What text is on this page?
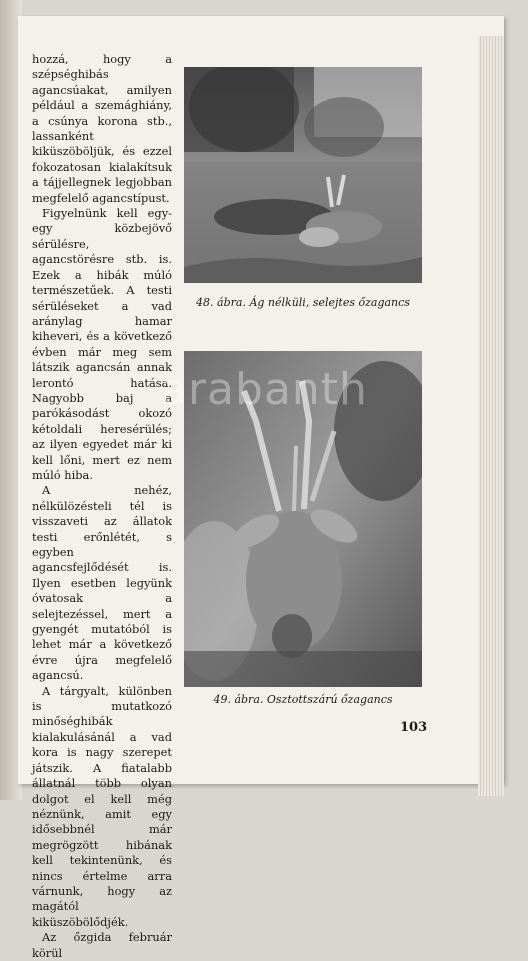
hozzá, hogy a szépséghibás agancsúakat, amilyen például a szemághiány, a csúnya korona stb., lassanként kiküszöböljük, és ezzel fokozatosan kialakítsuk a tájjellegnek legjobban megfelelő agancstípust.

Figyelnünk kell egy-egy közbejövő sérülésre, agancstörésre stb. is. Ezek a hibák múló természetűek. A testi sérüléseket a vad aránylag hamar kiheveri, és a következő évben már meg sem látszik agancsán annak lerontó hatása. Nagyobb baj a parókásodást okozó kétoldali heresérülés; az ilyen egyedet már ki kell lőni, mert ez nem múló hiba.

A nehéz, nélkülözésteli tél is visszaveti az állatok testi erőnlétét, s egyben agancsfejlődését is. Ilyen esetben legyünk óvatosak a selejtezéssel, mert a gyengét mutatóból is lehet már a következő évre újra megfelelő agancsú.

A tárgyalt, különben is mutatkozó minőséghibák kialakulásánál a vad kora is nagy szerepet játszik. A fiatalabb állatnál több olyan dolgot el kell még néznünk, amit egy idősebbnél már megrögzött hibának kell tekintenünk, és nincs értelme arra várnunk, hogy az magától kiküszöbölődjék.

Az őzgida február körül

48. ábra. Ág nélküli, selejtes őzagancs
arabanth
49. ábra. Osztottszárú őzagancs
103
